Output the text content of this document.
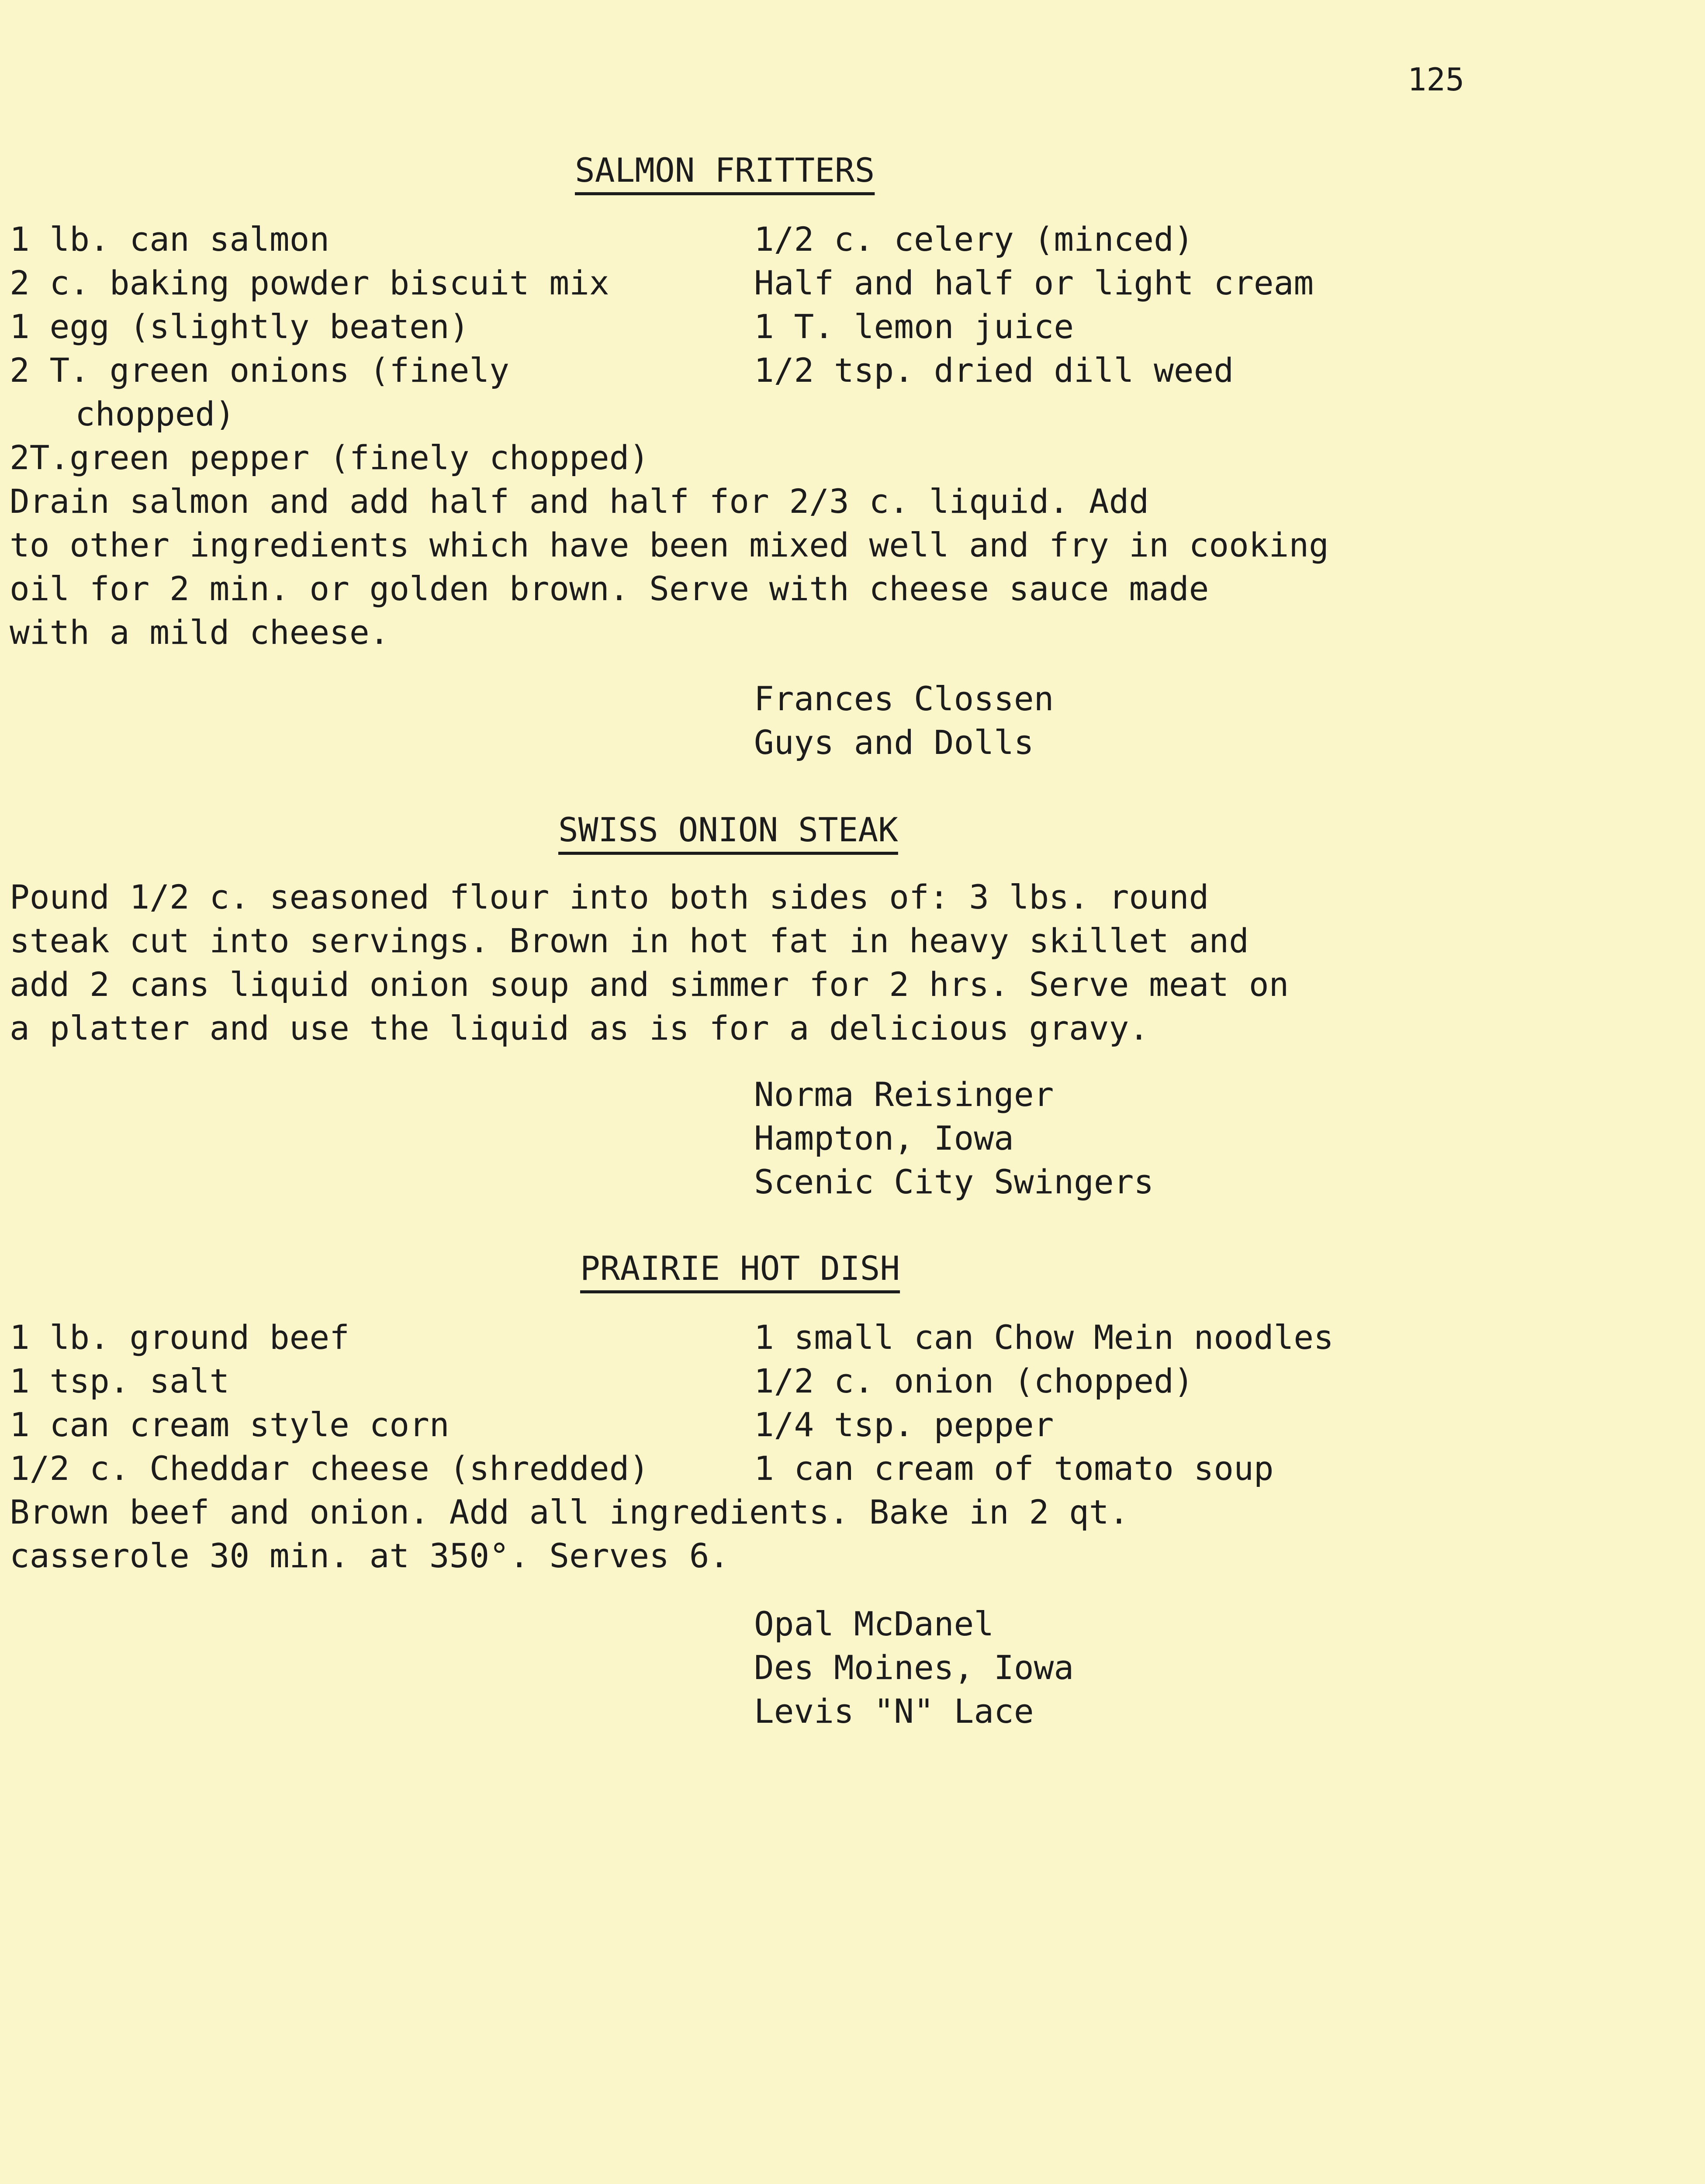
125
SALMON FRITTERS
1 lb. can salmon
2 c. baking powder biscuit mix
1 egg (slightly beaten)
2 T. green onions (finely
chopped)
2T.green pepper (finely chopped)
1/2 c. celery (minced)
Half and half or light cream
1 T. lemon juice
1/2 tsp. dried dill weed
Drain salmon and add half and half for 2/3 c. liquid. Add
to other ingredients which have been mixed well and fry in cooking
oil for 2 min. or golden brown. Serve with cheese sauce made
with a mild cheese.
Frances Clossen
Guys and Dolls
SWISS ONION STEAK
Pound 1/2 c. seasoned flour into both sides of: 3 lbs. round
steak cut into servings. Brown in hot fat in heavy skillet and
add 2 cans liquid onion soup and simmer for 2 hrs. Serve meat on
a platter and use the liquid as is for a delicious gravy.
Norma Reisinger
Hampton, Iowa
Scenic City Swingers
PRAIRIE HOT DISH
1 lb. ground beef
1 tsp. salt
1 can cream style corn
1/2 c. Cheddar cheese (shredded)
1 small can Chow Mein noodles
1/2 c. onion (chopped)
1/4 tsp. pepper
1 can cream of tomato soup
Brown beef and onion. Add all ingredients. Bake in 2 qt.
casserole 30 min. at 350°. Serves 6.
Opal McDanel
Des Moines, Iowa
Levis "N" Lace
